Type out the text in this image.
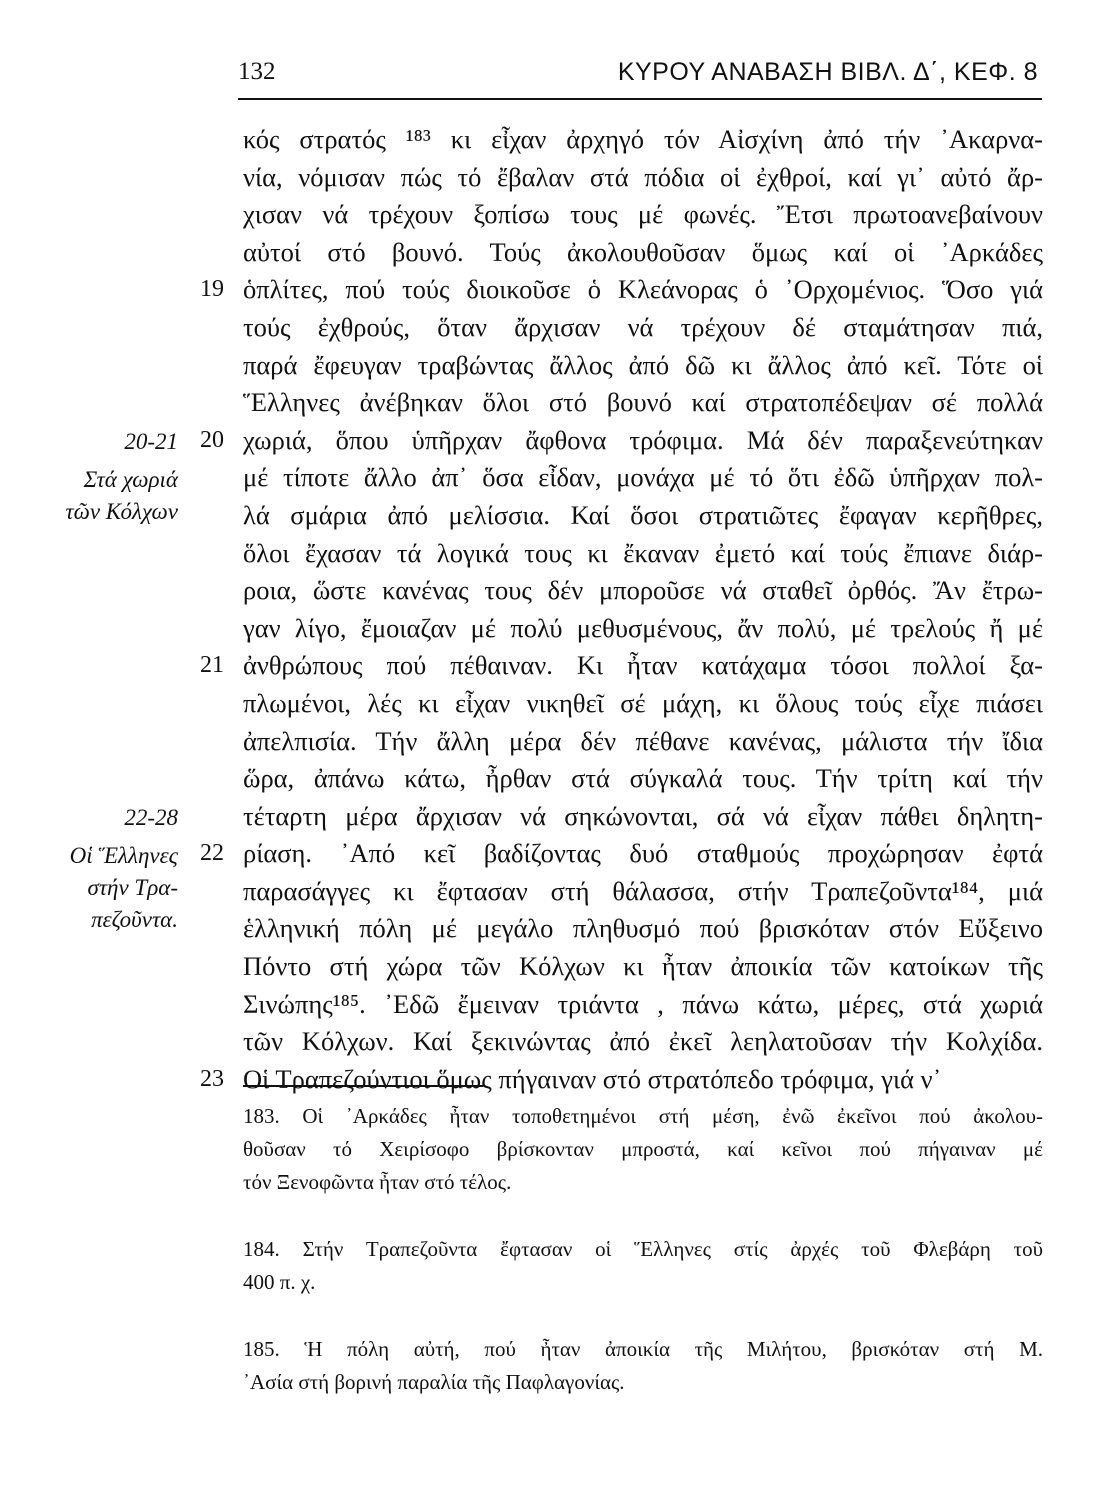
132	ΚΥΡΟΥ ΑΝΑΒΑΣΗ ΒΙΒΛ. Δ΄, ΚΕΦ. 8
κός στρατός ¹⁸³ κι εἶχαν ἀρχηγό τόν Αἰσχίνη ἀπό τήν ᾿Ακαρνα-
νία, νόμισαν πώς τό ἔβαλαν στά πόδια οἱ ἐχθροί, καί γι᾿ αὐτό ἄρ-
χισαν νά τρέχουν ξοπίσω τους μέ φωνές. Ἔτσι πρωτοανεβαίνουν
αὐτοί στό βουνό. Τούς ἀκολουθοῦσαν ὅμως καί οἱ ᾿Αρκάδες
ὁπλίτες, πού τούς διοικοῦσε ὁ Κλεάνορας ὁ ᾿Ορχομένιος. Ὅσο γιά
τούς ἐχθρούς, ὅταν ἄρχισαν νά τρέχουν δέ σταμάτησαν πιά,
παρά ἔφευγαν τραβώντας ἄλλος ἀπό δῶ κι ἄλλος ἀπό κεῖ. Τότε οἱ
Ἕλληνες ἀνέβηκαν ὅλοι στό βουνό καί στρατοπέδεψαν σέ πολλά
χωριά, ὅπου ὑπῆρχαν ἄφθονα τρόφιμα. Μά δέν παραξενεύτηκαν
μέ τίποτε ἄλλο ἀπ᾿ ὅσα εἶδαν, μονάχα μέ τό ὅτι ἐδῶ ὑπῆρχαν πολ-
λά σμάρια ἀπό μελίσσια. Καί ὅσοι στρατιῶτες ἔφαγαν κερῆθρες,
ὅλοι ἔχασαν τά λογικά τους κι ἔκαναν ἐμετό καί τούς ἔπιανε διάρ-
ροια, ὥστε κανένας τους δέν μποροῦσε νά σταθεῖ ὀρθός. Ἄν ἔτρω-
γαν λίγο, ἔμοιαζαν μέ πολύ μεθυσμένους, ἄν πολύ, μέ τρελούς ἤ μέ
ἀνθρώπους πού πέθαιναν. Κι ἦταν κατάχαμα τόσοι πολλοί ξα-
πλωμένοι, λές κι εἶχαν νικηθεῖ σέ μάχη, κι ὅλους τούς εἶχε πιάσει
ἀπελπισία. Τήν ἄλλη μέρα δέν πέθανε κανένας, μάλιστα τήν ἴδια
ὥρα, ἀπάνω κάτω, ἦρθαν στά σύγκαλά τους. Τήν τρίτη καί τήν
τέταρτη μέρα ἄρχισαν νά σηκώνονται, σά νά εἶχαν πάθει δηλητη-
ρίαση. ᾿Από κεῖ βαδίζοντας δυό σταθμούς προχώρησαν ἐφτά
παρασάγγες κι ἔφτασαν στή θάλασσα, στήν Τραπεζοῦντα¹⁸⁴, μιά
ἑλληνική πόλη μέ μεγάλο πληθυσμό πού βρισκόταν στόν Εὔξεινο
Πόντο στή χώρα τῶν Κόλχων κι ἦταν ἀποικία τῶν κατοίκων τῆς
Σινώπης¹⁸⁵. ᾿Εδῶ ἔμειναν τριάντα , πάνω κάτω, μέρες, στά χωριά
τῶν Κόλχων. Καί ξεκινώντας ἀπό ἐκεῖ λεηλατοῦσαν τήν Κολχίδα.
Οἱ Τραπεζούντιοι ὅμως πήγαιναν στό στρατόπεδο τρόφιμα, γιά ν᾿
19
20
21
22
23
20-21
Στά χωριά
τῶν Κόλχων
22-28
Οἱ Ἕλληνες
στήν Τρα-
πεζοῦντα.
183. Οἱ ᾿Αρκάδες ἦταν τοποθετημένοι στή μέση, ἐνῶ ἐκεῖνοι πού ἀκολου-
θοῦσαν τό Χειρίσοφο βρίσκονταν μπροστά, καί κεῖνοι πού πήγαιναν μέ
τόν Ξενοφῶντα ἦταν στό τέλος.
184. Στήν Τραπεζοῦντα ἔφτασαν οἱ Ἕλληνες στίς ἀρχές τοῦ Φλεβάρη τοῦ
400 π. χ.
185. Ἡ πόλη αὐτή, πού ἦταν ἀποικία τῆς Μιλήτου, βρισκόταν στή Μ.
᾿Ασία στή βορινή παραλία τῆς Παφλαγονίας.
